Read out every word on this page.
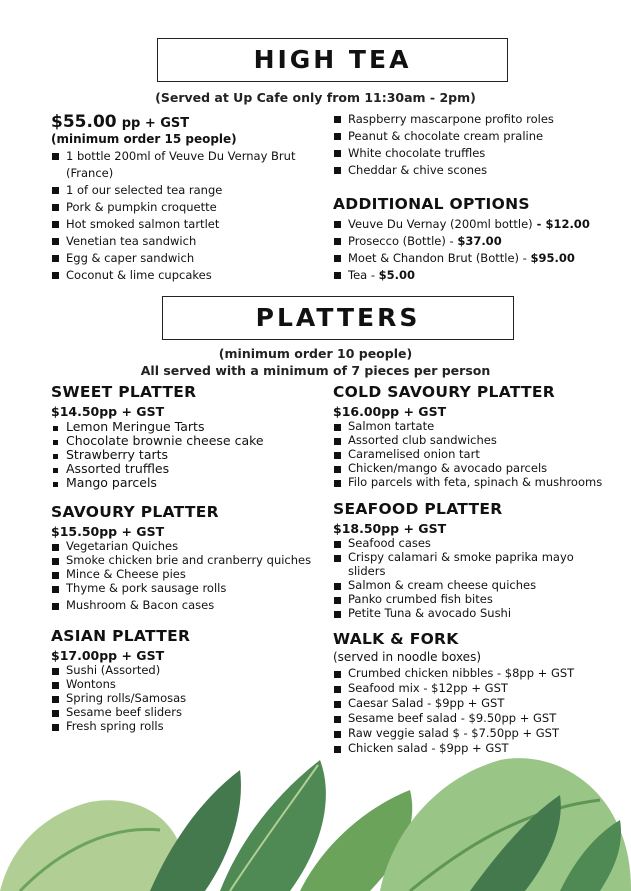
HIGH TEA
(Served at Up Cafe only from 11:30am - 2pm)
$55.00 pp + GST
(minimum order 15 people)
1 bottle 200ml of Veuve Du Vernay Brut
(France)
1 of our selected tea range
Pork & pumpkin croquette
Hot smoked salmon tartlet
Venetian tea sandwich
Egg & caper sandwich
Coconut & lime cupcakes
Raspberry mascarpone profito roles
Peanut & chocolate cream praline
White chocolate truffles
Cheddar & chive scones
ADDITIONAL OPTIONS
Veuve Du Vernay (200ml bottle) - $12.00
Prosecco (Bottle) - $37.00
Moet & Chandon Brut (Bottle) - $95.00
Tea - $5.00
PLATTERS
(minimum order 10 people)
All served with a minimum of 7 pieces per person
SWEET PLATTER
$14.50pp + GST
Lemon Meringue Tarts
Chocolate brownie cheese cake
Strawberry tarts
Assorted truffles
Mango parcels
COLD SAVOURY PLATTER
$16.00pp + GST
Salmon tartate
Assorted club sandwiches
Caramelised onion tart
Chicken/mango & avocado parcels
Filo parcels with feta, spinach & mushrooms
SAVOURY PLATTER
$15.50pp + GST
Vegetarian Quiches
Smoke chicken brie and cranberry quiches
Mince & Cheese pies
Thyme & pork sausage rolls
Mushroom & Bacon cases
SEAFOOD PLATTER
$18.50pp + GST
Seafood cases
Crispy calamari & smoke paprika mayo
sliders
Salmon & cream cheese quiches
Panko crumbed fish bites
Petite Tuna & avocado Sushi
ASIAN PLATTER
$17.00pp + GST
Sushi (Assorted)
Wontons
Spring rolls/Samosas
Sesame beef sliders
Fresh spring rolls
WALK & FORK
(served in noodle boxes)
Crumbed chicken nibbles - $8pp + GST
Seafood mix - $12pp + GST
Caesar Salad - $9pp + GST
Sesame beef salad - $9.50pp + GST
Raw veggie salad $ - $7.50pp + GST
Chicken salad - $9pp + GST
